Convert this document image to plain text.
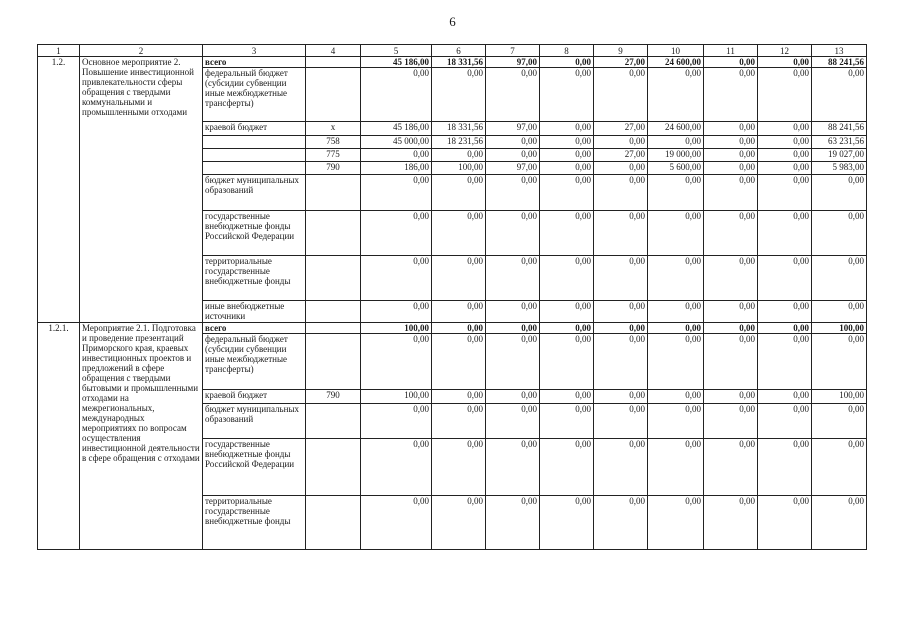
6
1	2	3	4	5	6	7	8	9	10	11	12	13
1.2.	Основное мероприятие 2. Повышение инвестиционной привлекательности сферы обращения с твердыми коммунальными и промышленными отходами	всего		45 186,00	18 331,56	97,00	0,00	27,00	24 600,00	0,00	0,00	88 241,56
		федеральный бюджет (субсидии субвенции иные межбюджетные трансферты)		0,00	0,00	0,00	0,00	0,00	0,00	0,00	0,00	0,00
		краевой бюджет	x	45 186,00	18 331,56	97,00	0,00	27,00	24 600,00	0,00	0,00	88 241,56
			758	45 000,00	18 231,56	0,00	0,00	0,00	0,00	0,00	0,00	63 231,56
			775	0,00	0,00	0,00	0,00	27,00	19 000,00	0,00	0,00	19 027,00
			790	186,00	100,00	97,00	0,00	0,00	5 600,00	0,00	0,00	5 983,00
		бюджет муниципальных образований		0,00	0,00	0,00	0,00	0,00	0,00	0,00	0,00	0,00
		государственные внебюджетные фонды Российской Федерации		0,00	0,00	0,00	0,00	0,00	0,00	0,00	0,00	0,00
		территориальные государственные внебюджетные фонды		0,00	0,00	0,00	0,00	0,00	0,00	0,00	0,00	0,00
		иные внебюджетные источники		0,00	0,00	0,00	0,00	0,00	0,00	0,00	0,00	0,00
1.2.1.	Мероприятие 2.1. Подготовка и проведение презентаций Приморского края, краевых инвестиционных проектов и предложений в сфере обращения с твердыми бытовыми и промышленными отходами на межрегиональных, международных мероприятиях по вопросам осуществления инвестиционной деятельности в сфере обращения с отходами	всего		100,00	0,00	0,00	0,00	0,00	0,00	0,00	0,00	100,00
		федеральный бюджет (субсидии субвенции иные межбюджетные трансферты)		0,00	0,00	0,00	0,00	0,00	0,00	0,00	0,00	0,00
		краевой бюджет	790	100,00	0,00	0,00	0,00	0,00	0,00	0,00	0,00	100,00
		бюджет муниципальных образований		0,00	0,00	0,00	0,00	0,00	0,00	0,00	0,00	0,00
		государственные внебюджетные фонды Российской Федерации		0,00	0,00	0,00	0,00	0,00	0,00	0,00	0,00	0,00
		территориальные государственные внебюджетные фонды		0,00	0,00	0,00	0,00	0,00	0,00	0,00	0,00	0,00
